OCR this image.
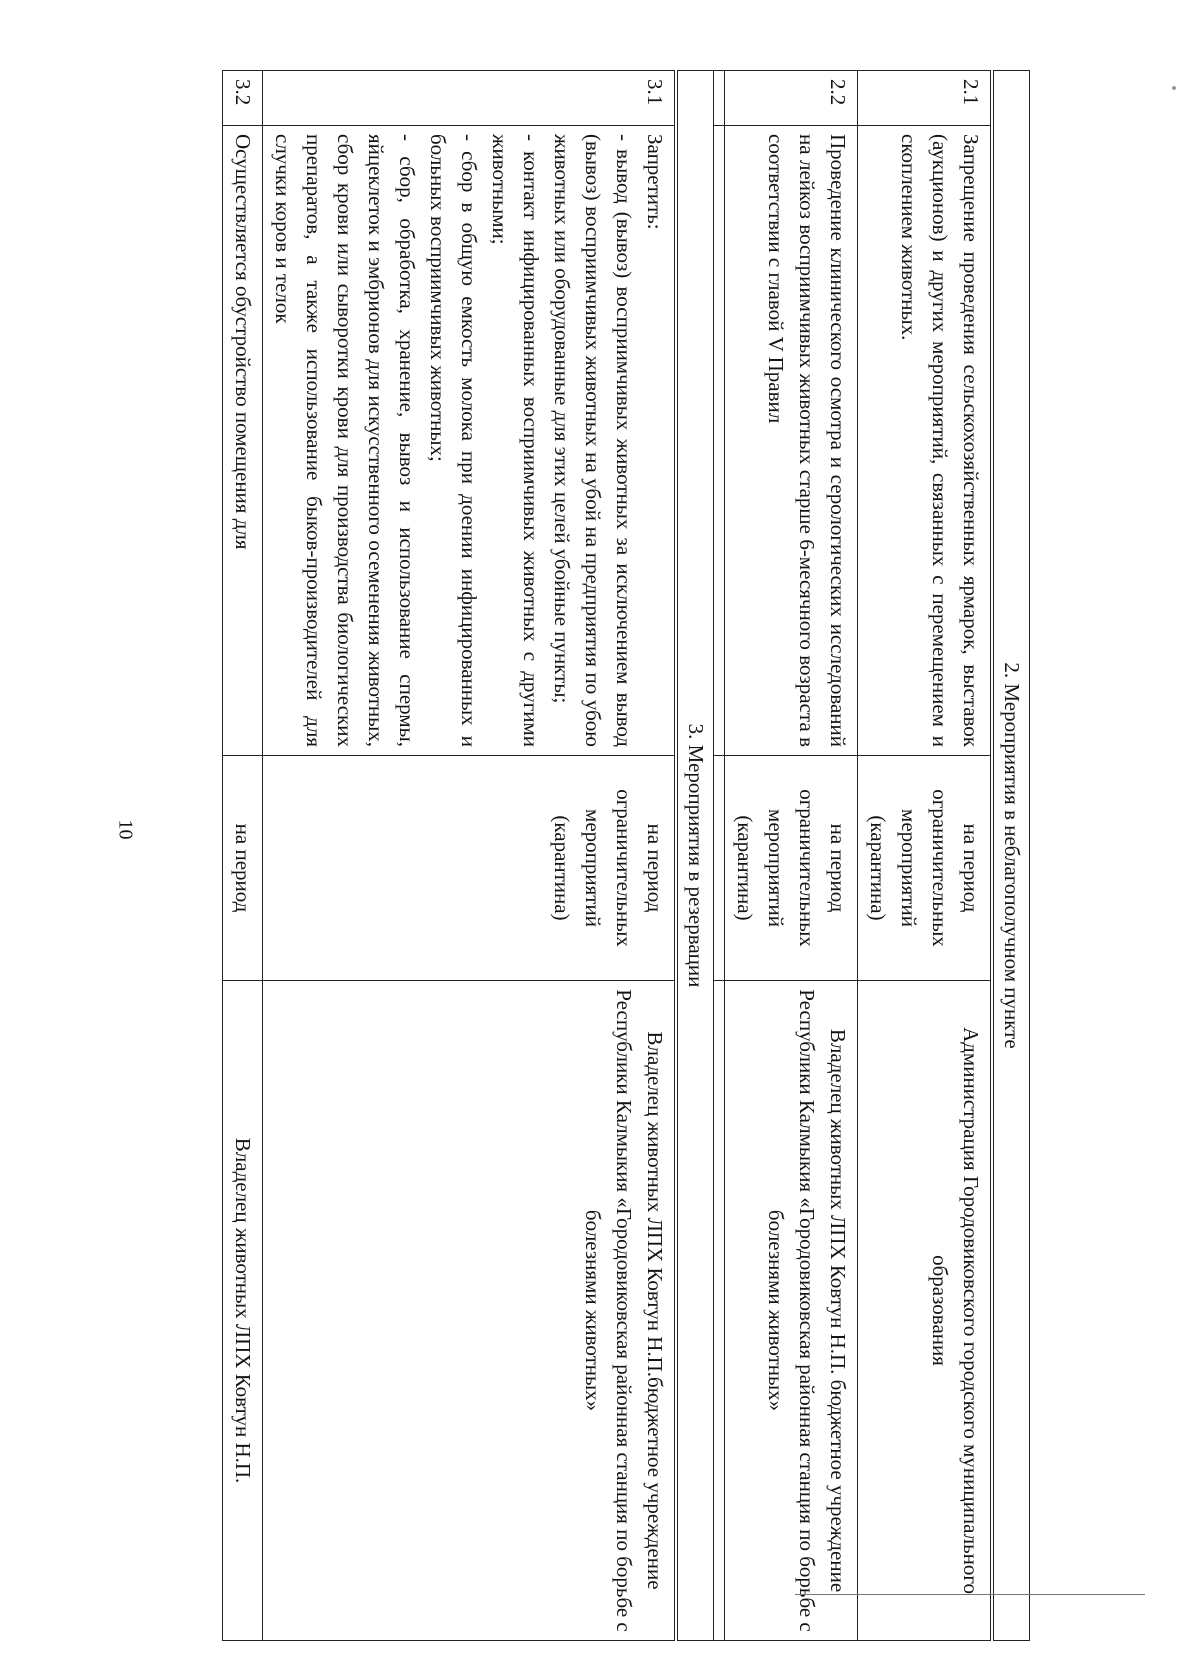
2. Мероприятия в неблагополучном пункте			
2.1	Запрещение проведения сельскохозяйственных ярмарок, выставок (аукционов) и других мероприятий, связанных с перемещением и скоплением животных.	на период ограничительных мероприятий (карантина)	Администрация Городовиковского городского муниципального образования
2.2	Проведение клинического осмотра и серологических исследований на лейкоз восприимчивых животных старше 6-месячного возраста в соответствии с главой V Правил	на период ограничительных мероприятий (карантина)	Владелец животных ЛПХ Ковтун Н.П. бюджетное учреждение Республики Калмыкия «Городовиковская районная станция по борьбе с болезнями животных»

3. Мероприятия в резервации			
3.1	Запретить:
- вывод (вывоз) восприимчивых животных за исключением вывод (вывоз) восприимчивых животных на убой на предприятия по убою животных или оборудованные для этих целей убойные пункты;
- контакт инфицированных восприимчивых животных с другими животными;
- сбор в общую емкость молока при доении инфицированных и больных восприимчивых животных;
- сбор, обработка, хранение, вывоз и использование спермы, яйцеклеток и эмбрионов для искусственного осеменения животных, сбор крови или сыворотки крови для производства биологических препаратов, а также использование быков-производителей для случки коров и телок	на период ограничительных мероприятий (карантина)	Владелец животных ЛПХ Ковтун Н.П.бюджетное учреждение Республики Калмыкия «Городовиковская районная станция по борьбе с болезнями животных»
3.2	Осуществляется обустройство помещения для	на период	Владелец животных ЛПХ Ковтун Н.П.
10
